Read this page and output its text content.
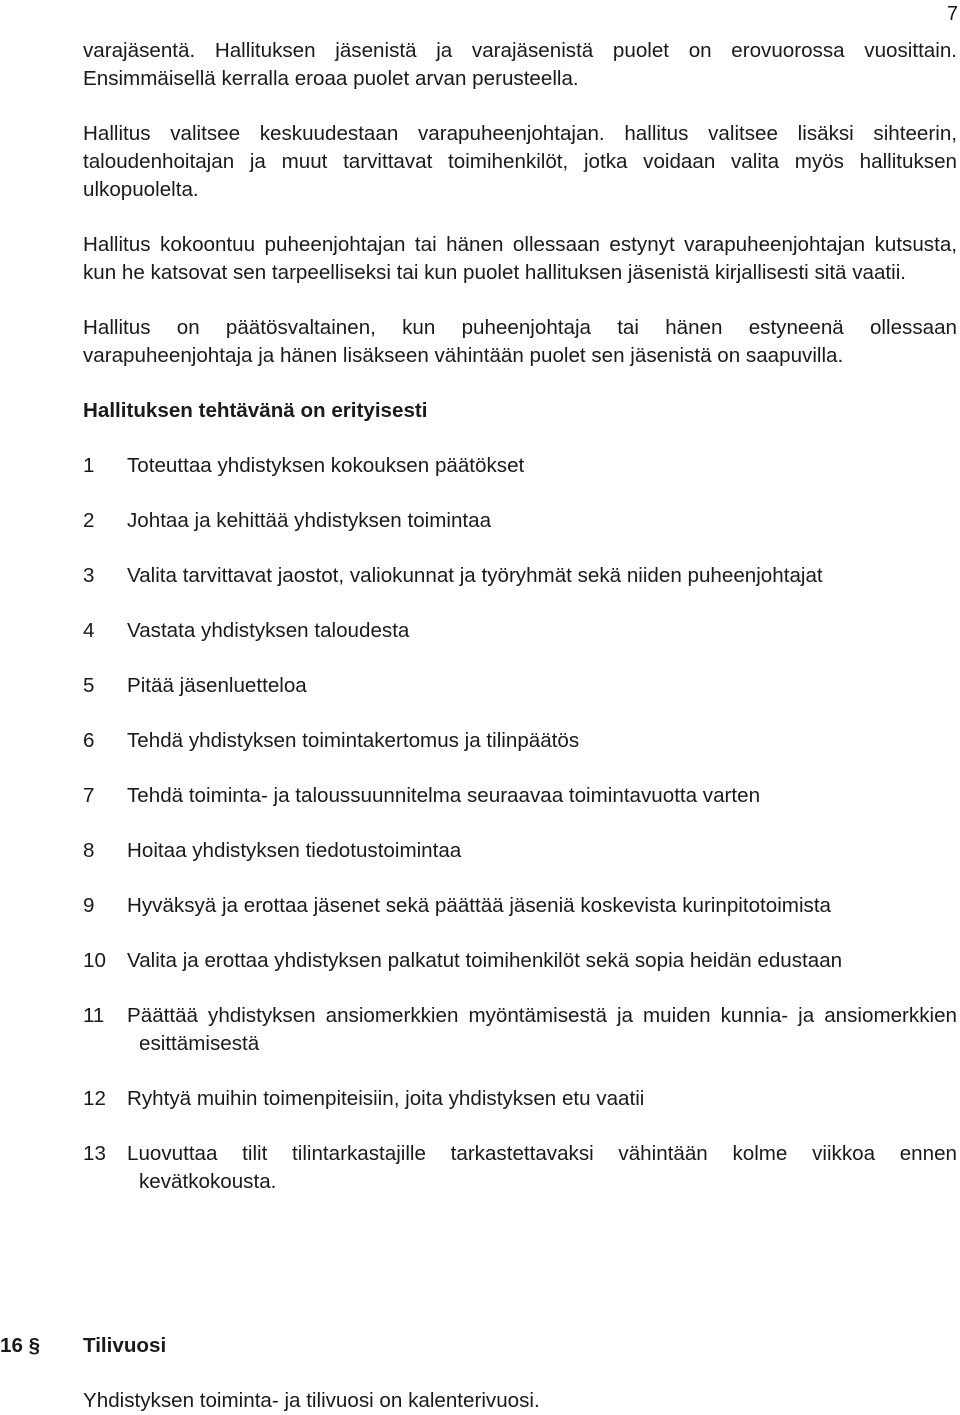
7

varajäsentä. Hallituksen jäsenistä ja varajäsenistä puolet on erovuorossa vuosittain. Ensimmäisellä kerralla eroaa puolet arvan perusteella.

Hallitus valitsee keskuudestaan varapuheenjohtajan. hallitus valitsee lisäksi sihteerin, taloudenhoitajan ja muut tarvittavat toimihenkilöt, jotka voidaan valita myös hallituksen ulkopuolelta.

Hallitus kokoontuu puheenjohtajan tai hänen ollessaan estynyt varapuheenjohtajan kutsusta, kun he katsovat sen tarpeelliseksi tai kun puolet hallituksen jäsenistä kirjallisesti sitä vaatii.

Hallitus on päätösvaltainen, kun puheenjohtaja tai hänen estyneenä ollessaan varapuheenjohtaja ja hänen lisäkseen vähintään puolet sen jäsenistä on saapuvilla.

Hallituksen tehtävänä on erityisesti
1	Toteuttaa yhdistyksen kokouksen päätökset
2	Johtaa ja kehittää yhdistyksen toimintaa
3	Valita tarvittavat jaostot, valiokunnat ja työryhmät sekä niiden puheenjohtajat
4	Vastata yhdistyksen taloudesta
5	Pitää jäsenluetteloa
6	Tehdä yhdistyksen toimintakertomus ja tilinpäätös
7	Tehdä toiminta- ja taloussuunnitelma seuraavaa toimintavuotta varten
8	Hoitaa yhdistyksen tiedotustoimintaa
9	Hyväksyä ja erottaa jäsenet sekä päättää jäseniä koskevista kurinpitotoimista
10	Valita ja erottaa yhdistyksen palkatut toimihenkilöt sekä sopia heidän edustaan
11	Päättää yhdistyksen ansiomerkkien myöntämisestä ja muiden kunnia- ja ansiomerkkien esittämisestä
12	Ryhtyä muihin toimenpiteisiin, joita yhdistyksen etu vaatii
13	Luovuttaa tilit tilintarkastajille tarkastettavaksi vähintään kolme viikkoa ennen kevätkokousta.
16 § Tilivuosi
Yhdistyksen toiminta- ja tilivuosi on kalenterivuosi.
